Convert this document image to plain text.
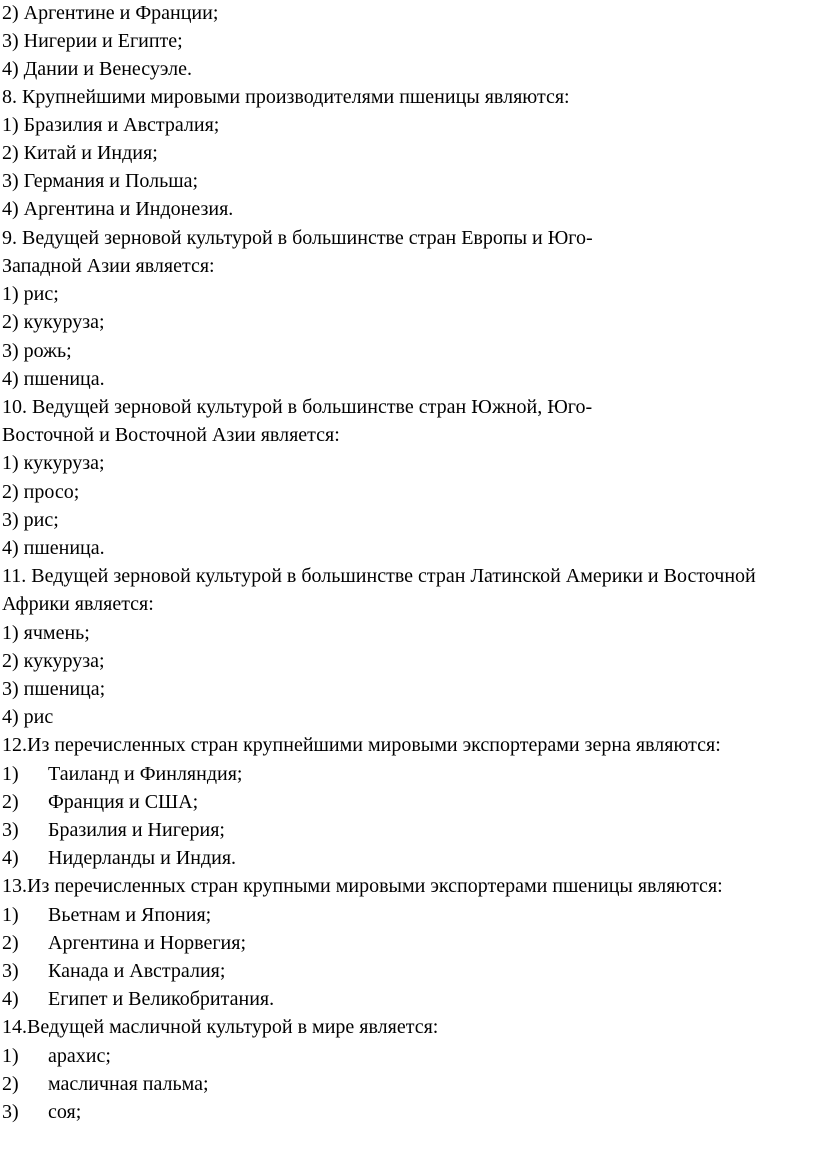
2) Аргентине и Франции;
3) Нигерии и Египте;
4) Дании и Венесуэле.
8. Крупнейшими мировыми производителями пшеницы являются:
1) Бразилия и Австралия;
2) Китай и Индия;
3) Германия и Польша;
4) Аргентина и Индонезия.
9. Ведущей зерновой культурой в большинстве стран Европы и Юго-
Западной Азии является:
1) рис;
2) кукуруза;
3) рожь;
4) пшеница.
10. Ведущей зерновой культурой в большинстве стран Южной, Юго-
Восточной и Восточной Азии является:
1) кукуруза;
2) просо;
3) рис;
4) пшеница.
11. Ведущей зерновой культурой в большинстве стран Латинской Америки и Восточной
Африки является:
1) ячмень;
2) кукуруза;
3) пшеница;
4) рис
12.Из перечисленных стран крупнейшими мировыми экспортерами зерна являются:
1) Таиланд и Финляндия;
2) Франция и США;
3) Бразилия и Нигерия;
4) Нидерланды и Индия.
13.Из перечисленных стран крупными мировыми экспортерами пшеницы являются:
1) Вьетнам и Япония;
2) Аргентина и Норвегия;
3) Канада и Австралия;
4) Египет и Великобритания.
14.Ведущей масличной культурой в мире является:
1) арахис;
2) масличная пальма;
3) соя;
